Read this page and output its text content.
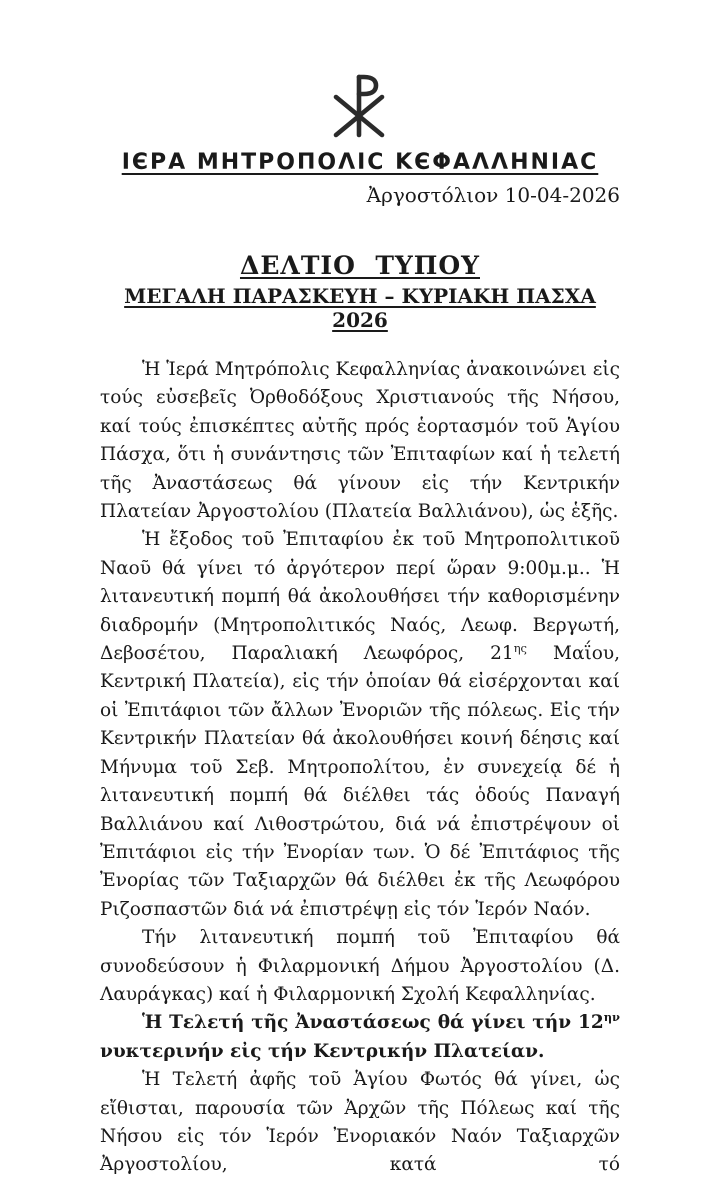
ΙЄΡΑ ΜΗΤΡΟΠΟΛΙC ΚЄΦΑΛΛΗΝΙΑC
Ἀργοστόλιον 10-04-2026
ΔΕΛΤΙΟ  ΤΥΠΟΥ
ΜΕΓΑΛΗ ΠΑΡΑΣΚΕΥΗ – ΚΥΡΙΑΚΗ ΠΑΣΧΑ 2026

Ἡ Ἱερά Μητρόπολις Κεφαλληνίας ἀνακοινώνει εἰς τούς εὐσεβεῖς Ὀρθοδόξους Χριστιανούς τῆς Νήσου, καί τούς ἐπισκέπτες αὐτῆς πρός ἑορτασμόν τοῦ Ἁγίου Πάσχα, ὅτι ἡ συνάντησις τῶν Ἐπιταφίων καί ἡ τελετή τῆς Ἀναστάσεως θά γίνουν εἰς τήν Κεντρικήν Πλατείαν Ἀργοστολίου (Πλατεία Βαλλιάνου), ὡς ἑξῆς.

Ἡ ἔξοδος τοῦ Ἐπιταφίου ἐκ τοῦ Μητροπολιτικοῦ Ναοῦ θά γίνει τό ἀργότερον περί ὥραν 9:00μ.μ.. Ἡ λιτανευτική πομπή θά ἀκολουθήσει τήν καθορισμένην διαδρομήν (Μητροπολιτικός Ναός, Λεωφ. Βεργωτή, Δεβοσέτου, Παραλιακή Λεωφόρος, $21^{\eta\varsigma}$ Μαΐου, Κεντρική Πλατεία), εἰς τήν ὁποίαν θά εἰσέρχονται καί οἱ Ἐπιτάφιοι τῶν ἄλλων Ἐνοριῶν τῆς πόλεως. Εἰς τήν Κεντρικήν Πλατείαν θά ἀκολουθήσει κοινή δέησις καί Μήνυμα τοῦ Σεβ. Μητροπολίτου, ἐν συνεχείᾳ δέ ἡ λιτανευτική πομπή θά διέλθει τάς ὁδούς Παναγή Βαλλιάνου καί Λιθοστρώτου, διά νά ἐπιστρέψουν οἱ Ἐπιτάφιοι εἰς τήν Ἐνορίαν των. Ὁ δέ Ἐπιτάφιος τῆς Ἐνορίας τῶν Ταξιαρχῶν θά διέλθει ἐκ τῆς Λεωφόρου Ριζοσπαστῶν διά νά ἐπιστρέψῃ εἰς τόν Ἱερόν Ναόν.

Τήν λιτανευτική πομπή τοῦ Ἐπιταφίου θά συνοδεύσουν ἡ Φιλαρμονική Δήμου Ἀργοστολίου (Δ. Λαυράγκας) καί ἡ Φιλαρμονική Σχολή Κεφαλληνίας.

Ἡ Τελετή τῆς Ἀναστάσεως θά γίνει τήν $12^{\eta\nu}$ νυκτερινήν εἰς τήν Κεντρικήν Πλατείαν.

Ἡ Τελετή ἀφῆς τοῦ Ἁγίου Φωτός θά γίνει, ὡς εἴθισται, παρουσία τῶν Ἀρχῶν τῆς Πόλεως καί τῆς Νήσου εἰς τόν Ἱερόν Ἐνοριακόν Ναόν Ταξιαρχῶν Ἀργοστολίου, κατά τό
